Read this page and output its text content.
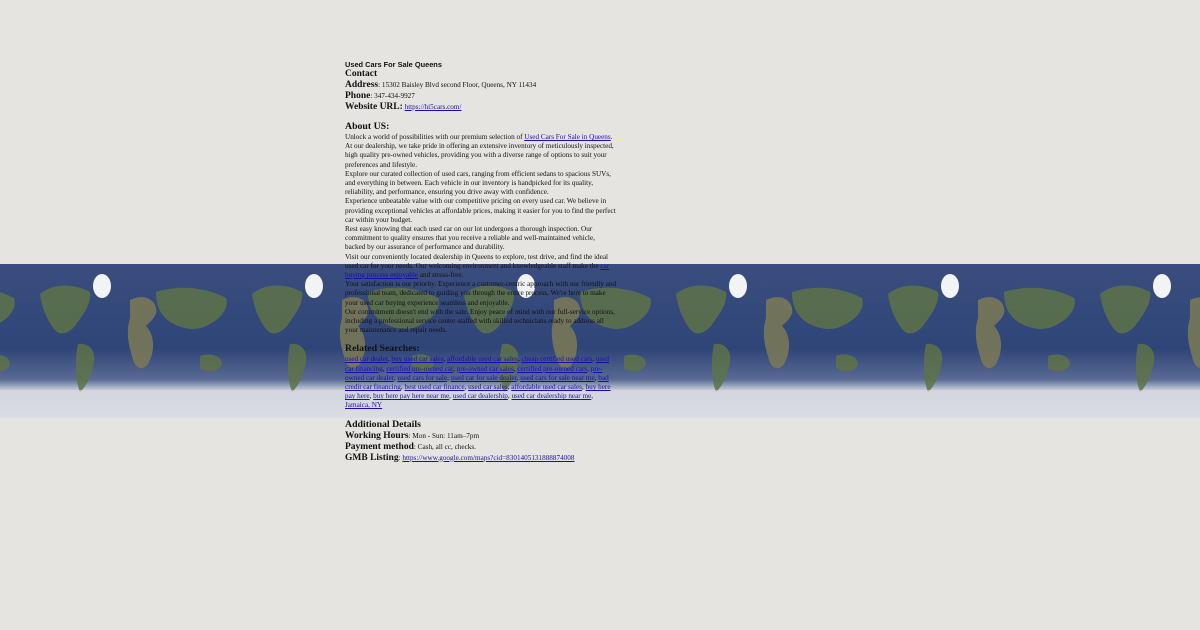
Used Cars For Sale Queens
Contact
Address: 15302 Baisley Blvd second Floor, Queens, NY 11434
Phone: 347-434-9927
Website URL: https://hi5cars.com/
About US:

Unlock a world of possibilities with our premium selection of Used Cars For Sale in Queens. At our dealership, we take pride in offering an extensive inventory of meticulously inspected, high quality pre-owned vehicles, providing you with a diverse range of options to suit your preferences and lifestyle.

Explore our curated collection of used cars, ranging from efficient sedans to spacious SUVs, and everything in between. Each vehicle in our inventory is handpicked for its quality, reliability, and performance, ensuring you drive away with confidence.

Experience unbeatable value with our competitive pricing on every used car. We believe in providing exceptional vehicles at affordable prices, making it easier for you to find the perfect car within your budget.

Rest easy knowing that each used car on our lot undergoes a thorough inspection. Our commitment to quality ensures that you receive a reliable and well-maintained vehicle, backed by our assurance of performance and durability.

Visit our conveniently located dealership in Queens to explore, test drive, and find the ideal used car for your needs. Our welcoming environment and knowledgeable staff make the car buying process enjoyable and stress-free.

Your satisfaction is our priority. Experience a customer-centric approach with our friendly and professional team, dedicated to guiding you through the entire process. We're here to make your used car buying experience seamless and enjoyable.

Our commitment doesn't end with the sale. Enjoy peace of mind with our full-service options, including a professional service center staffed with skilled technicians ready to address all your maintenance and repair needs.

Related Searches:
used car dealer, buy used car sales, affordable used car sales, cheap certified used cars, used car financing, certified pre-owned car, pre-owned car sales, certified pre-owned cars, pre-owned car dealer, used cars for sale, used car for sale dealer, used cars for sale near me, bad credit car financing, best used car finance, used car sales, affordable used car sales, buy here pay here, buy here pay here near me, used car dealership, used car dealership near me, Jamaica, NY
Additional Details
Working Hours: Mon - Sun: 11am–7pm
Payment method: Cash, all cc, checks.
GMB Listing: https://www.google.com/maps?cid=8301405131888874008
